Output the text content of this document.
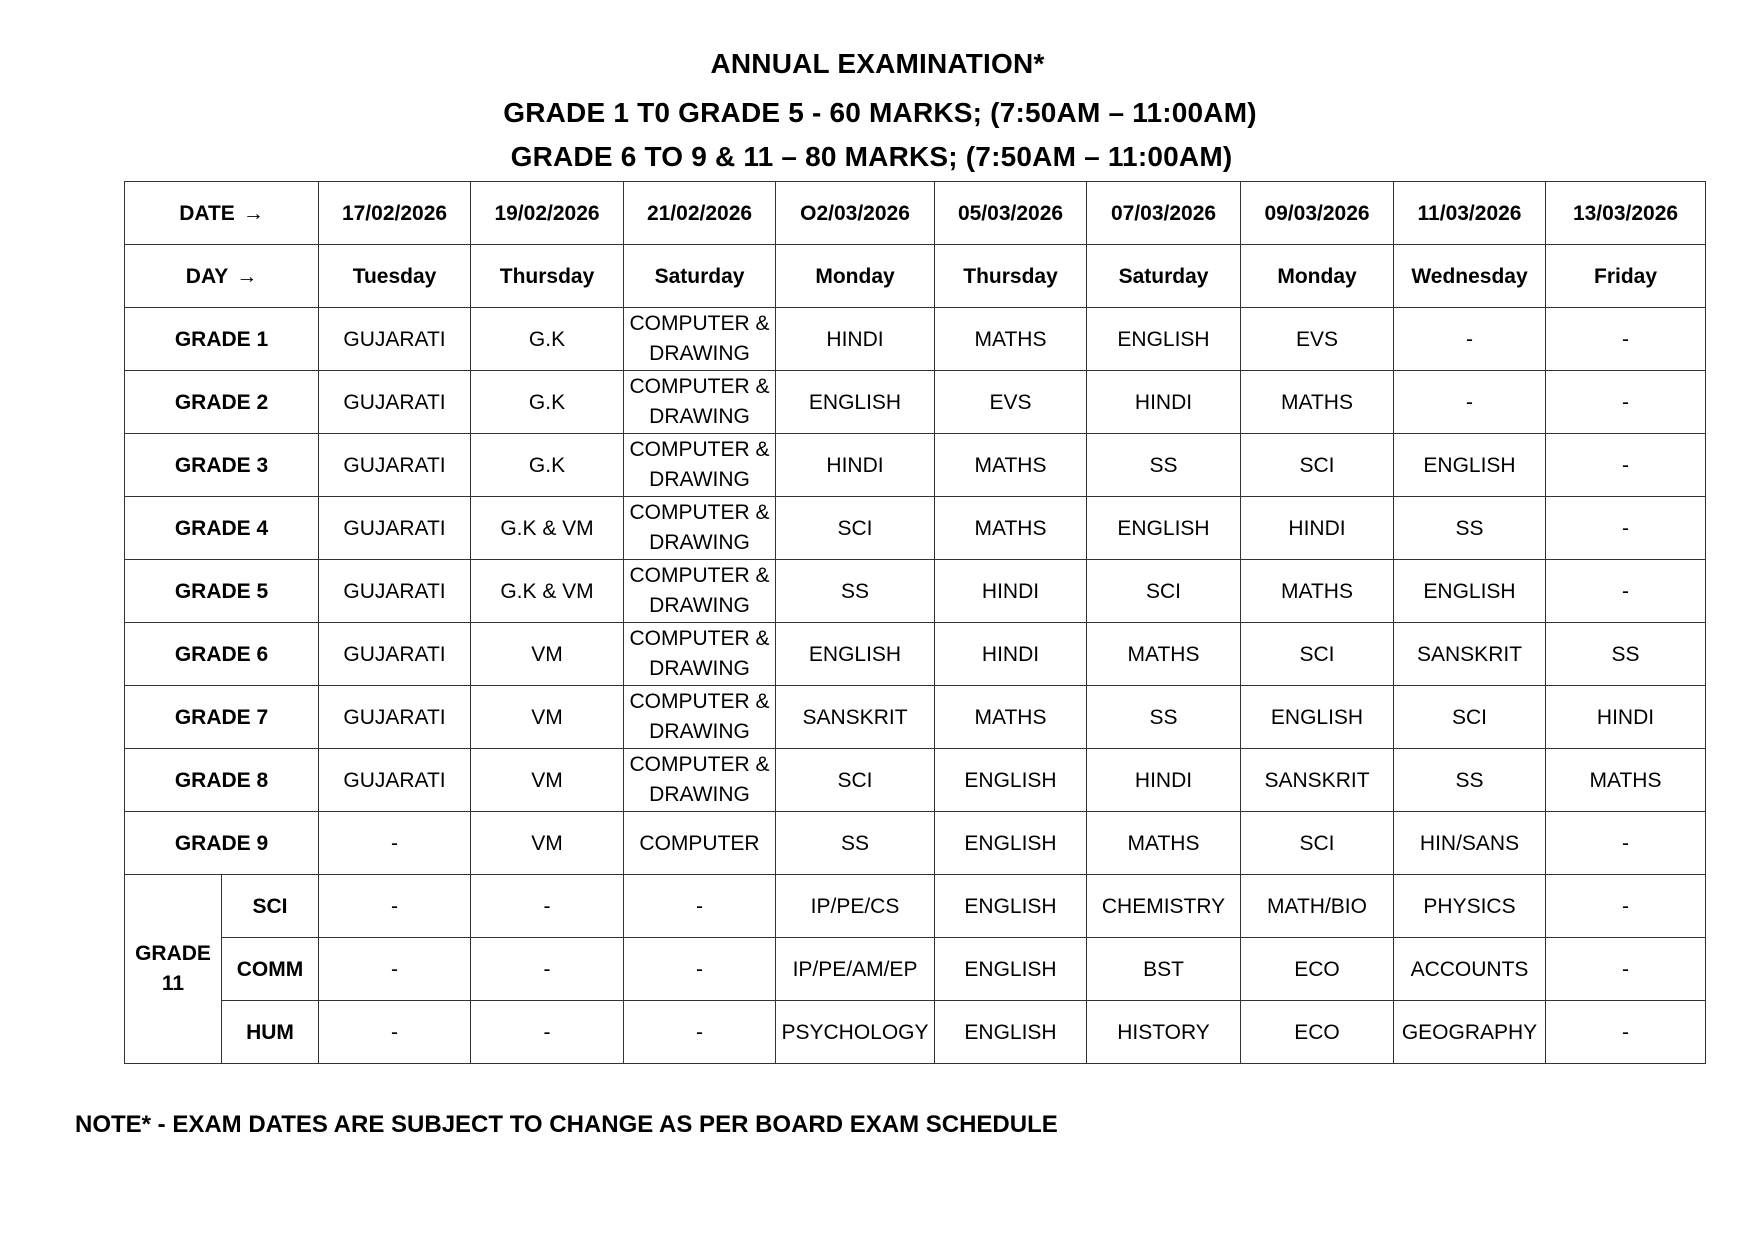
ANNUAL EXAMINATION*
GRADE 1 T0 GRADE 5 - 60 MARKS; (7:50AM – 11:00AM)
GRADE 6 TO 9 & 11 – 80 MARKS; (7:50AM – 11:00AM)
DATE →		17/02/2026	19/02/2026	21/02/2026	O2/03/2026	05/03/2026	07/03/2026	09/03/2026	11/03/2026	13/03/2026
DAY →		Tuesday	Thursday	Saturday	Monday	Thursday	Saturday	Monday	Wednesday	Friday
GRADE 1		GUJARATI	G.K	COMPUTER & DRAWING	HINDI	MATHS	ENGLISH	EVS	-	-
GRADE 2		GUJARATI	G.K	COMPUTER & DRAWING	ENGLISH	EVS	HINDI	MATHS	-	-
GRADE 3		GUJARATI	G.K	COMPUTER & DRAWING	HINDI	MATHS	SS	SCI	ENGLISH	-
GRADE 4		GUJARATI	G.K & VM	COMPUTER & DRAWING	SCI	MATHS	ENGLISH	HINDI	SS	-
GRADE 5		GUJARATI	G.K & VM	COMPUTER & DRAWING	SS	HINDI	SCI	MATHS	ENGLISH	-
GRADE 6		GUJARATI	VM	COMPUTER & DRAWING	ENGLISH	HINDI	MATHS	SCI	SANSKRIT	SS
GRADE 7		GUJARATI	VM	COMPUTER & DRAWING	SANSKRIT	MATHS	SS	ENGLISH	SCI	HINDI
GRADE 8		GUJARATI	VM	COMPUTER & DRAWING	SCI	ENGLISH	HINDI	SANSKRIT	SS	MATHS
GRADE 9		-	VM	COMPUTER	SS	ENGLISH	MATHS	SCI	HIN/SANS	-
GRADE 11	SCI	-	-	-	IP/PE/CS	ENGLISH	CHEMISTRY	MATH/BIO	PHYSICS	-
	COMM	-	-	-	IP/PE/AM/EP	ENGLISH	BST	ECO	ACCOUNTS	-
	HUM	-	-	-	PSYCHOLOGY	ENGLISH	HISTORY	ECO	GEOGRAPHY	-
NOTE* - EXAM DATES ARE SUBJECT TO CHANGE AS PER BOARD EXAM SCHEDULE
